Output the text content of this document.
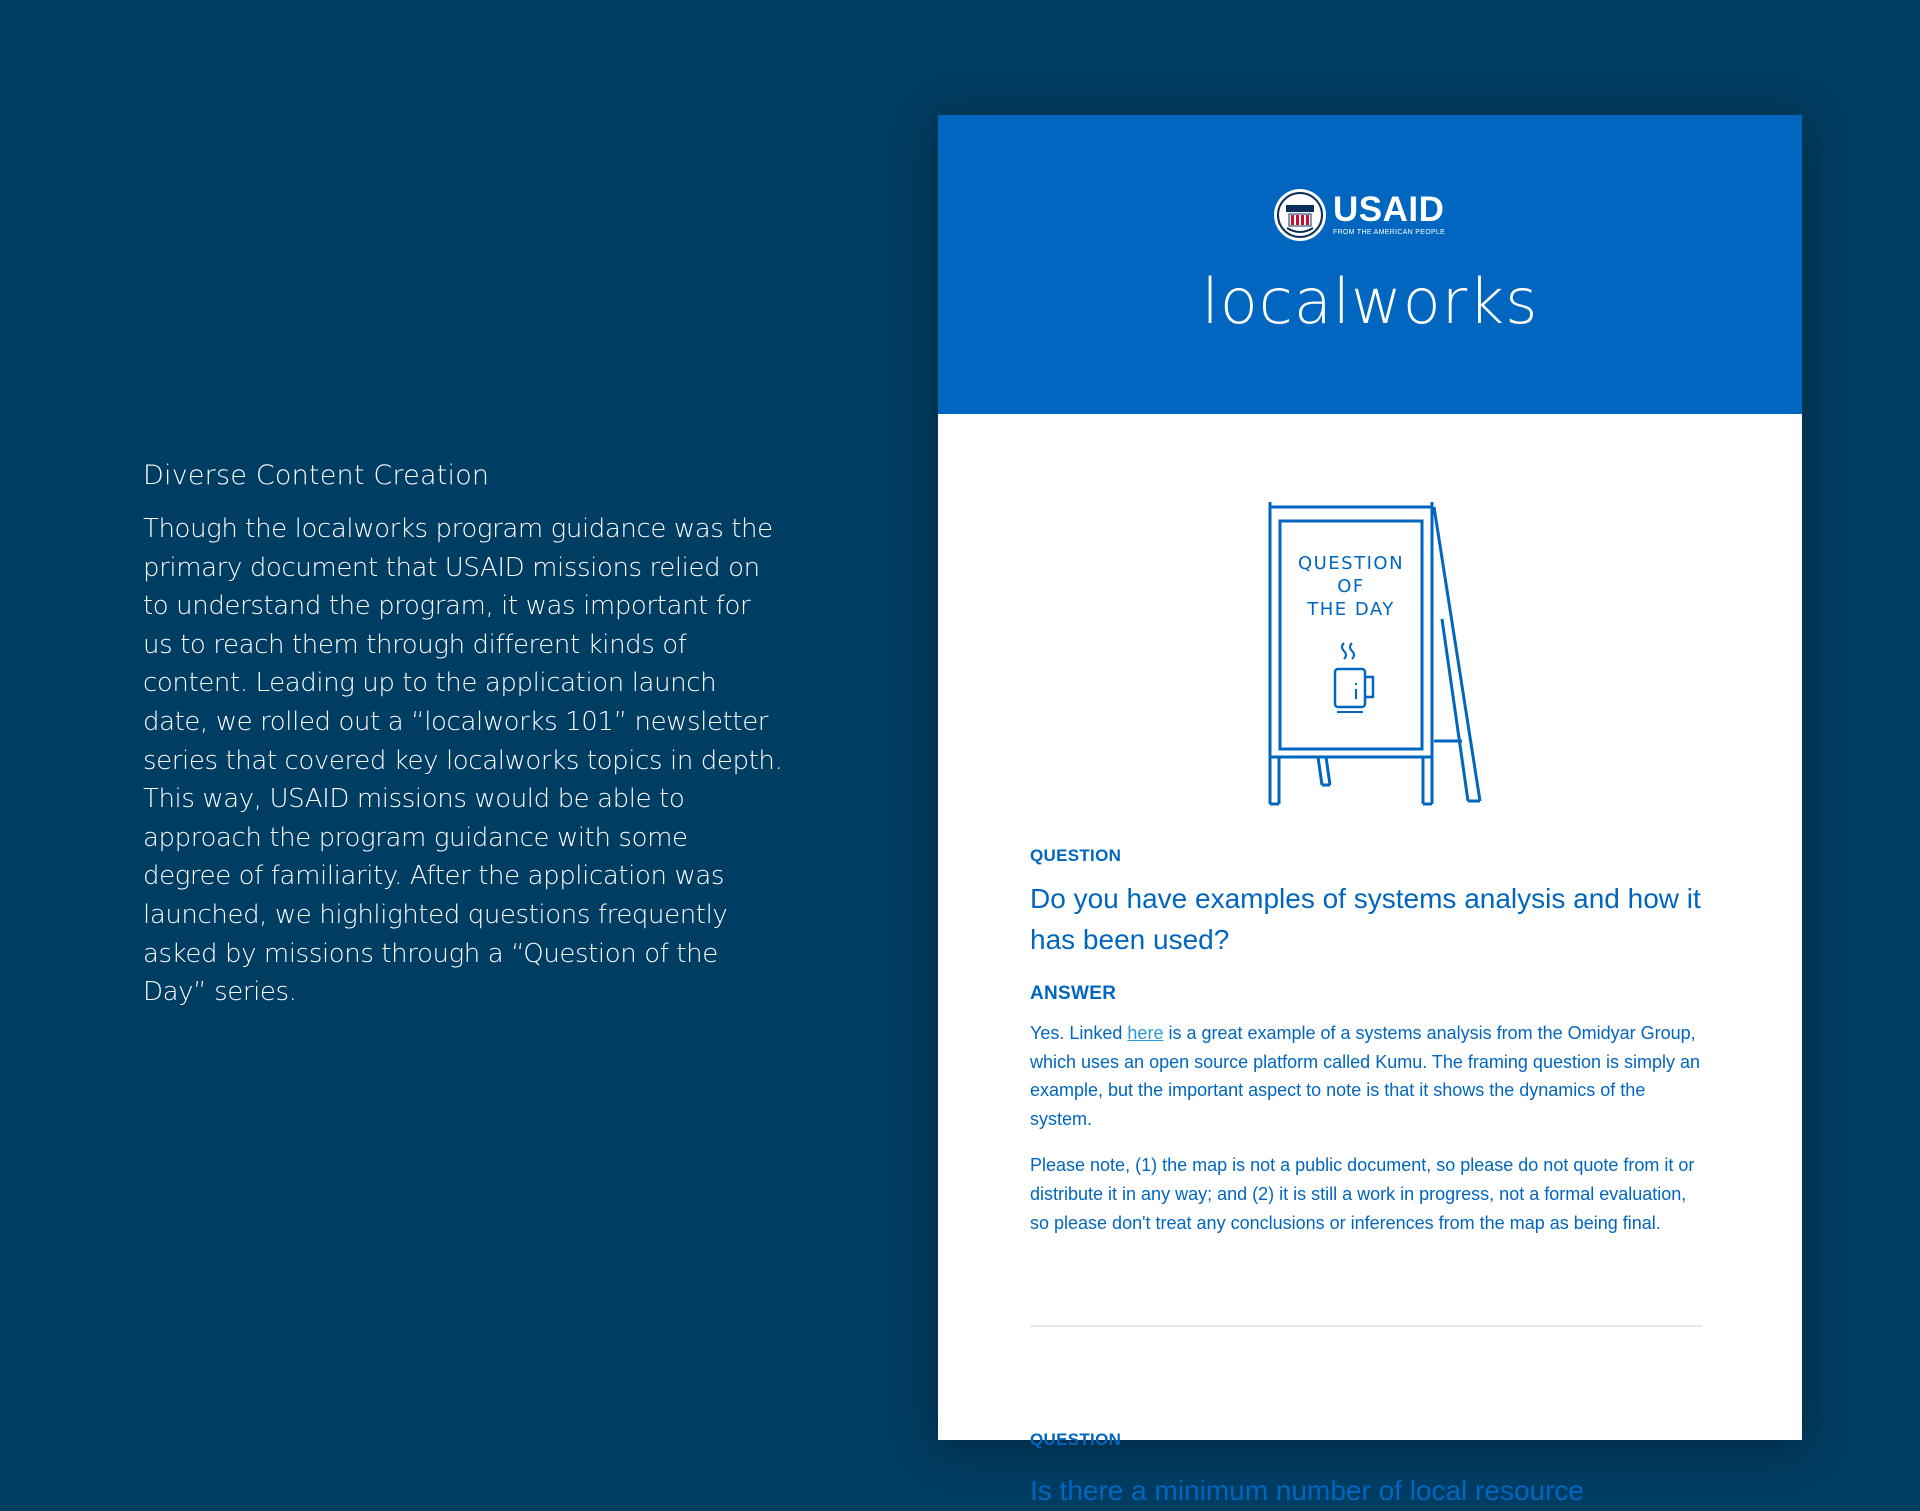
Diverse Content Creation

Though the localworks program guidance was the primary document that USAID missions relied on to understand the program, it was important for us to reach them through different kinds of content. Leading up to the application launch date, we rolled out a “localworks 101” newsletter series that covered key localworks topics in depth. This way, USAID missions would be able to approach the program guidance with some degree of familiarity. After the application was launched, we highlighted questions frequently asked by missions through a “Question of the Day” series.

USAID
FROM THE AMERICAN PEOPLE
localworks
QUESTION
OF
THE DAY

QUESTION

Do you have examples of systems analysis and how it has been used?

ANSWER

Yes. Linked here is a great example of a systems analysis from the Omidyar Group, which uses an open source platform called Kumu. The framing question is simply an example, but the important aspect to note is that it shows the dynamics of the system.

Please note, (1) the map is not a public document, so please do not quote from it or distribute it in any way; and (2) it is still a work in progress, not a formal evaluation, so please don't treat any conclusions or inferences from the map as being final.

QUESTION

Is there a minimum number of local resource
